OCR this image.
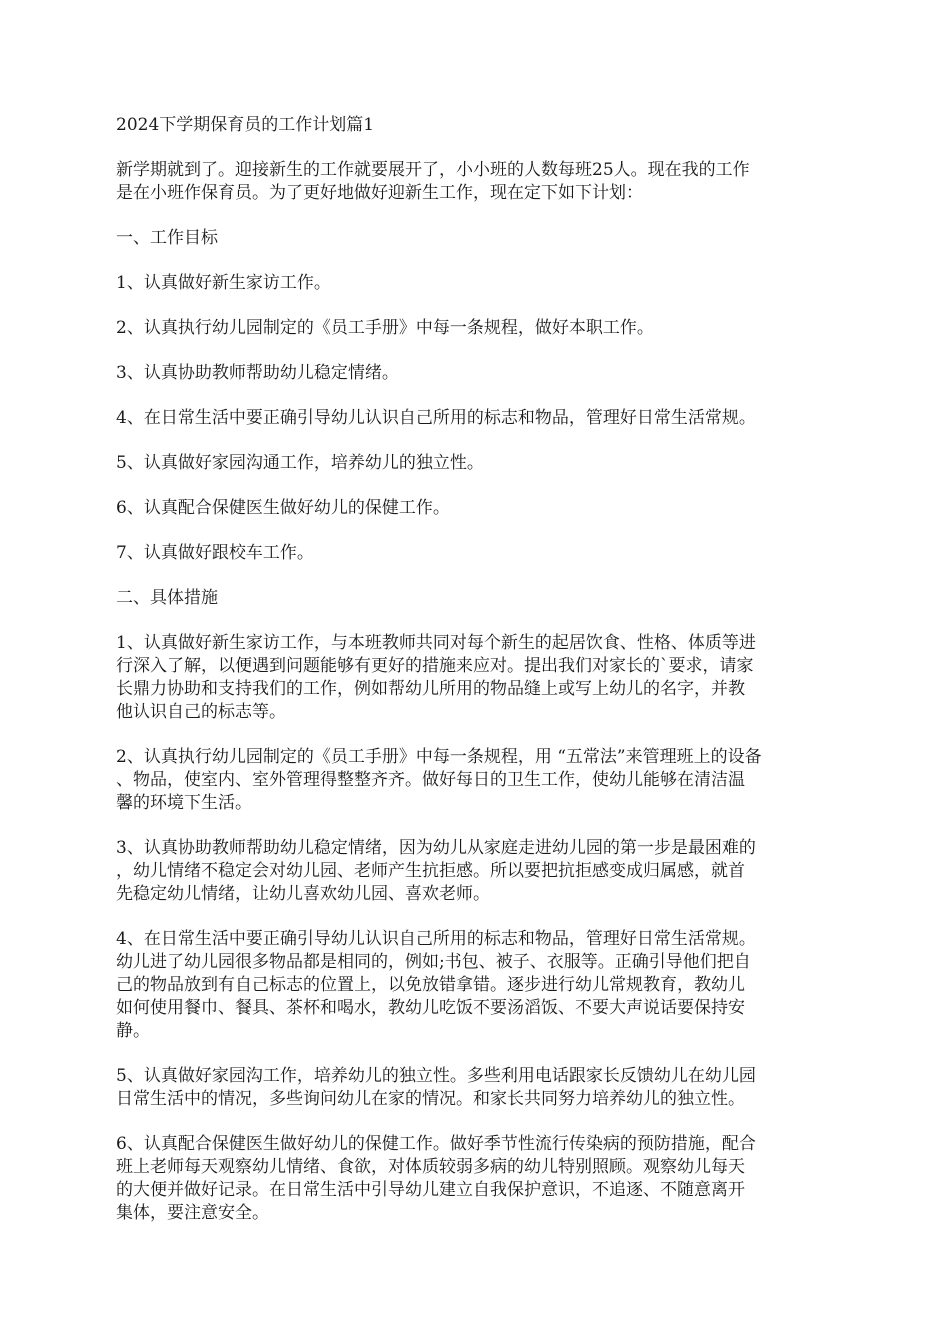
2024下学期保育员的工作计划篇1
新学期就到了。迎接新生的工作就要展开了，小小班的人数每班25人。现在我的工作
是在小班作保育员。为了更好地做好迎新生工作，现在定下如下计划：
一、工作目标
1、认真做好新生家访工作。
2、认真执行幼儿园制定的《员工手册》中每一条规程，做好本职工作。
3、认真协助教师帮助幼儿稳定情绪。
4、在日常生活中要正确引导幼儿认识自己所用的标志和物品，管理好日常生活常规。
5、认真做好家园沟通工作，培养幼儿的独立性。
6、认真配合保健医生做好幼儿的保健工作。
7、认真做好跟校车工作。
二、具体措施
1、认真做好新生家访工作，与本班教师共同对每个新生的起居饮食、性格、体质等进
行深入了解，以便遇到问题能够有更好的措施来应对。提出我们对家长的`要求，请家
长鼎力协助和支持我们的工作，例如帮幼儿所用的物品缝上或写上幼儿的名字，并教
他认识自己的标志等。
2、认真执行幼儿园制定的《员工手册》中每一条规程，用 “五常法”来管理班上的设备
、物品，使室内、室外管理得整整齐齐。做好每日的卫生工作，使幼儿能够在清洁温
馨的环境下生活。
3、认真协助教师帮助幼儿稳定情绪，因为幼儿从家庭走进幼儿园的第一步是最困难的
，幼儿情绪不稳定会对幼儿园、老师产生抗拒感。所以要把抗拒感变成归属感，就首
先稳定幼儿情绪，让幼儿喜欢幼儿园、喜欢老师。
4、在日常生活中要正确引导幼儿认识自己所用的标志和物品，管理好日常生活常规。
幼儿进了幼儿园很多物品都是相同的，例如;书包、被子、衣服等。正确引导他们把自
己的物品放到有自己标志的位置上，以免放错拿错。逐步进行幼儿常规教育，教幼儿
如何使用餐巾、餐具、茶杯和喝水，教幼儿吃饭不要汤滔饭、不要大声说话要保持安
静。
5、认真做好家园沟工作，培养幼儿的独立性。多些利用电话跟家长反馈幼儿在幼儿园
日常生活中的情况，多些询问幼儿在家的情况。和家长共同努力培养幼儿的独立性。
6、认真配合保健医生做好幼儿的保健工作。做好季节性流行传染病的预防措施，配合
班上老师每天观察幼儿情绪、食欲，对体质较弱多病的幼儿特别照顾。观察幼儿每天
的大便并做好记录。在日常生活中引导幼儿建立自我保护意识，不追逐、不随意离开
集体，要注意安全。
